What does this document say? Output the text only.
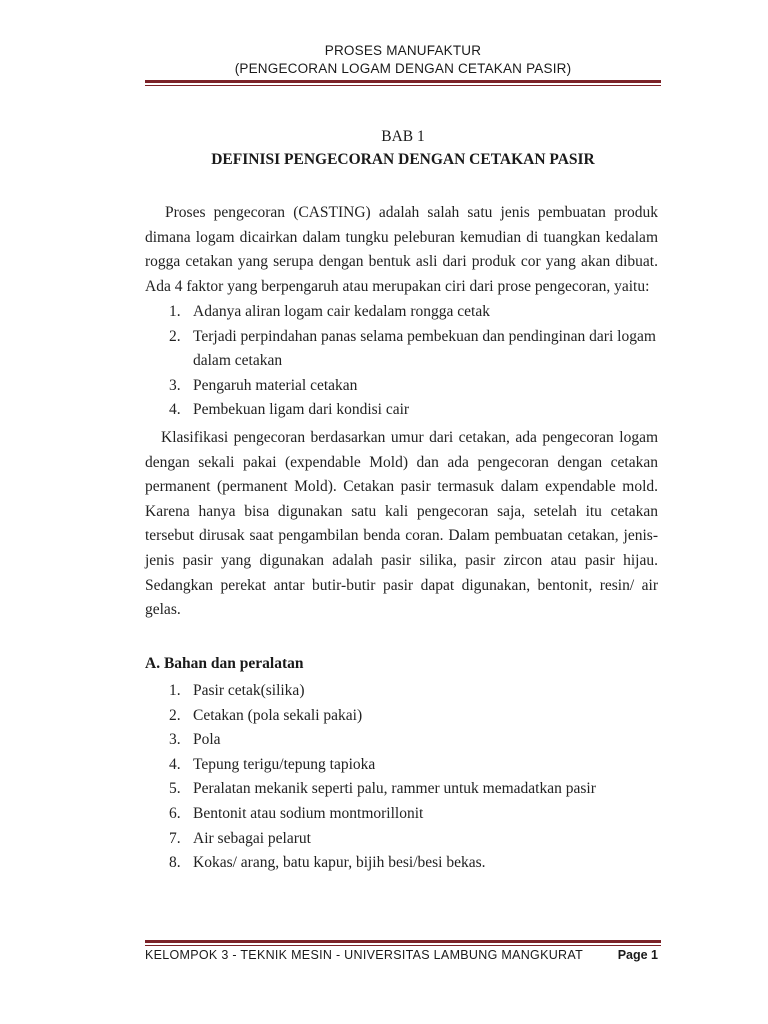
PROSES MANUFAKTUR
(PENGECORAN LOGAM DENGAN CETAKAN PASIR)
BAB 1
DEFINISI PENGECORAN DENGAN CETAKAN PASIR
Proses pengecoran (CASTING) adalah salah satu jenis pembuatan produk dimana logam dicairkan dalam tungku peleburan kemudian di tuangkan kedalam rogga cetakan yang serupa dengan bentuk asli dari produk cor yang akan dibuat. Ada 4 faktor yang berpengaruh atau merupakan ciri dari prose pengecoran, yaitu:
1. Adanya aliran logam cair kedalam rongga cetak
2. Terjadi perpindahan panas selama pembekuan dan pendinginan dari logam dalam cetakan
3. Pengaruh material cetakan
4. Pembekuan ligam dari kondisi cair
Klasifikasi pengecoran berdasarkan umur dari cetakan, ada pengecoran logam dengan sekali pakai (expendable Mold) dan ada pengecoran dengan cetakan permanent (permanent Mold). Cetakan pasir termasuk dalam expendable mold. Karena hanya bisa digunakan satu kali pengecoran saja, setelah itu cetakan tersebut dirusak saat pengambilan benda coran. Dalam pembuatan cetakan, jenis-jenis pasir yang digunakan adalah pasir silika, pasir zircon atau pasir hijau. Sedangkan perekat antar butir-butir pasir dapat digunakan, bentonit, resin/ air gelas.
A. Bahan dan peralatan
1. Pasir cetak(silika)
2. Cetakan (pola sekali pakai)
3. Pola
4. Tepung terigu/tepung tapioka
5. Peralatan mekanik seperti palu, rammer untuk memadatkan pasir
6. Bentonit atau sodium montmorillonit
7. Air sebagai pelarut
8. Kokas/ arang, batu kapur, bijih besi/besi bekas.
KELOMPOK 3 - TEKNIK MESIN - UNIVERSITAS LAMBUNG MANGKURAT	Page 1
